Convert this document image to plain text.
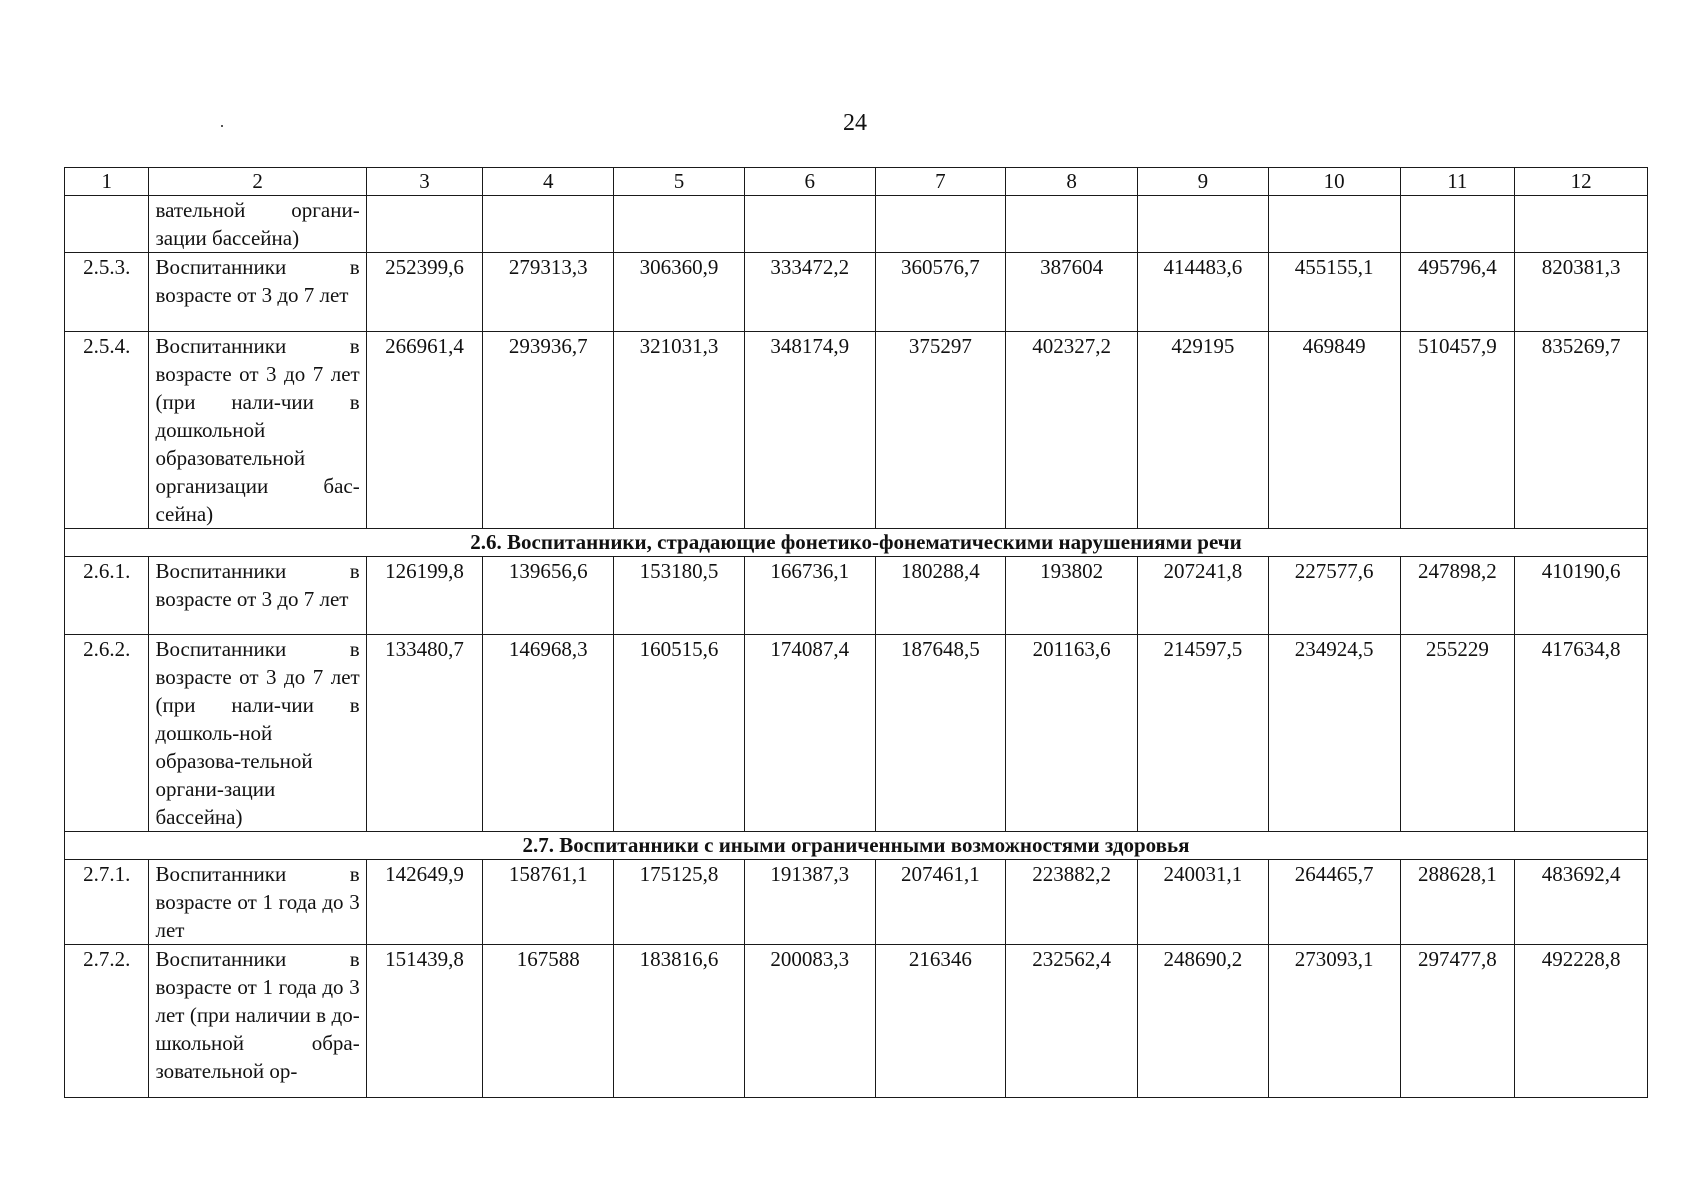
24
1	2	3	4	5	6	7	8	9	10	11	12
	вательной органи-зации бассейна)										
2.5.3.	Воспитанники в возрасте от 3 до 7 лет	252399,6	279313,3	306360,9	333472,2	360576,7	387604	414483,6	455155,1	495796,4	820381,3
2.5.4.	Воспитанники в возрасте от 3 до 7 лет (при нали-чии в дошкольной образовательной организации бас-сейна)	266961,4	293936,7	321031,3	348174,9	375297	402327,2	429195	469849	510457,9	835269,7
2.6. Воспитанники, страдающие фонетико-фонематическими нарушениями речи											
2.6.1.	Воспитанники в возрасте от 3 до 7 лет	126199,8	139656,6	153180,5	166736,1	180288,4	193802	207241,8	227577,6	247898,2	410190,6
2.6.2.	Воспитанники в возрасте от 3 до 7 лет (при нали-чии в дошколь-ной образова-тельной органи-зации бассейна)	133480,7	146968,3	160515,6	174087,4	187648,5	201163,6	214597,5	234924,5	255229	417634,8
2.7. Воспитанники с иными ограниченными возможностями здоровья											
2.7.1.	Воспитанники в возрасте от 1 года до 3 лет	142649,9	158761,1	175125,8	191387,3	207461,1	223882,2	240031,1	264465,7	288628,1	483692,4
2.7.2.	Воспитанники в возрасте от 1 года до 3 лет (при наличии в до-школьной обра-зовательной ор-	151439,8	167588	183816,6	200083,3	216346	232562,4	248690,2	273093,1	297477,8	492228,8
